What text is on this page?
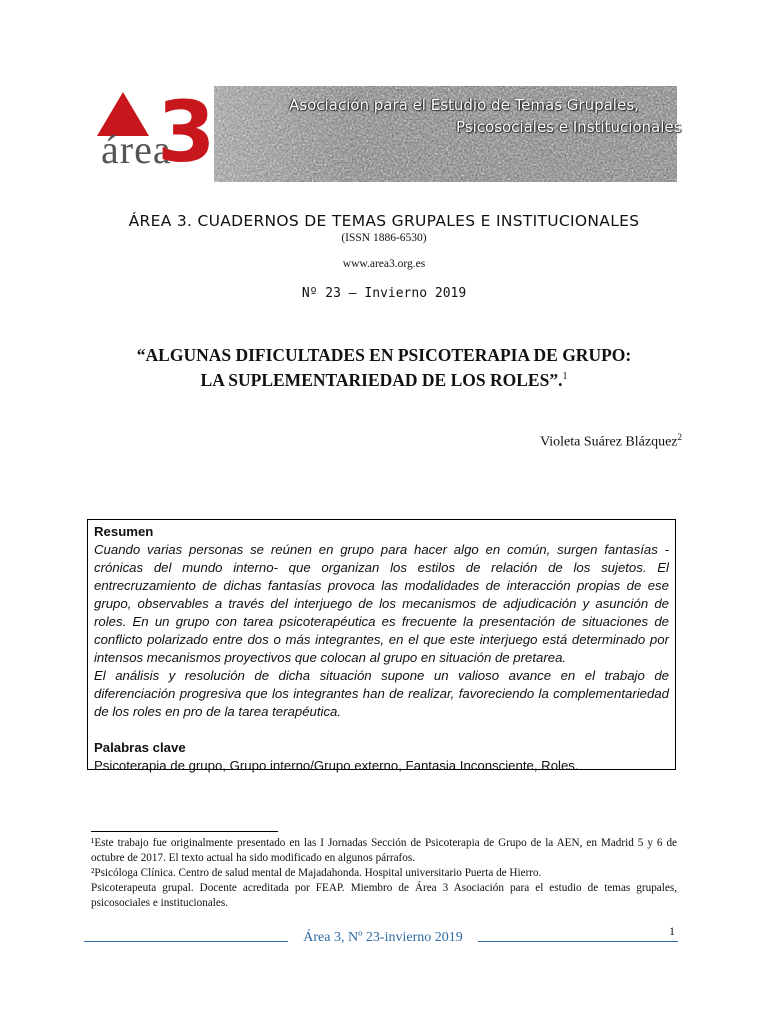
Asociación para el Estudio de Temas Grupales,
Psicosociales e Institucionales
área
3
ÁREA 3. CUADERNOS DE TEMAS GRUPALES E INSTITUCIONALES
(ISSN 1886-6530)
www.area3.org.es
Nº 23 – Invierno 2019
“ALGUNAS DIFICULTADES EN PSICOTERAPIA DE GRUPO:
LA SUPLEMENTARIEDAD DE LOS ROLES”.$^1$
Violeta Suárez Blázquez$^2$
Resumen
Cuando varias personas se reúnen en grupo para hacer algo en común, surgen fantasías - crónicas del mundo interno- que organizan los estilos de relación de los sujetos. El entrecruzamiento de dichas fantasías provoca las modalidades de interacción propias de ese grupo, observables a través del interjuego de los mecanismos de adjudicación y asunción de roles. En un grupo con tarea psicoterapéutica es frecuente la presentación de situaciones de conflicto polarizado entre dos o más integrantes, en el que este interjuego está determinado por intensos mecanismos proyectivos que colocan al grupo en situación de pretarea.
El análisis y resolución de dicha situación supone un valioso avance en el trabajo de diferenciación progresiva que los integrantes han de realizar, favoreciendo la complementariedad de los roles en pro de la tarea terapéutica.
Palabras clave
Psicoterapia de grupo, Grupo interno/Grupo externo, Fantasia Inconsciente, Roles.

¹Este trabajo fue originalmente presentado en las I Jornadas Sección de Psicoterapia de Grupo de la AEN, en Madrid 5 y 6 de octubre de 2017. El texto actual ha sido modificado en algunos párrafos.

²Psicóloga Clínica. Centro de salud mental de Majadahonda. Hospital universitario Puerta de Hierro.

Psicoterapeuta grupal. Docente acreditada por FEAP. Miembro de Área 3 Asociación para el estudio de temas grupales, psicosociales e institucionales.

1
Área 3, Nº 23-invierno 2019
